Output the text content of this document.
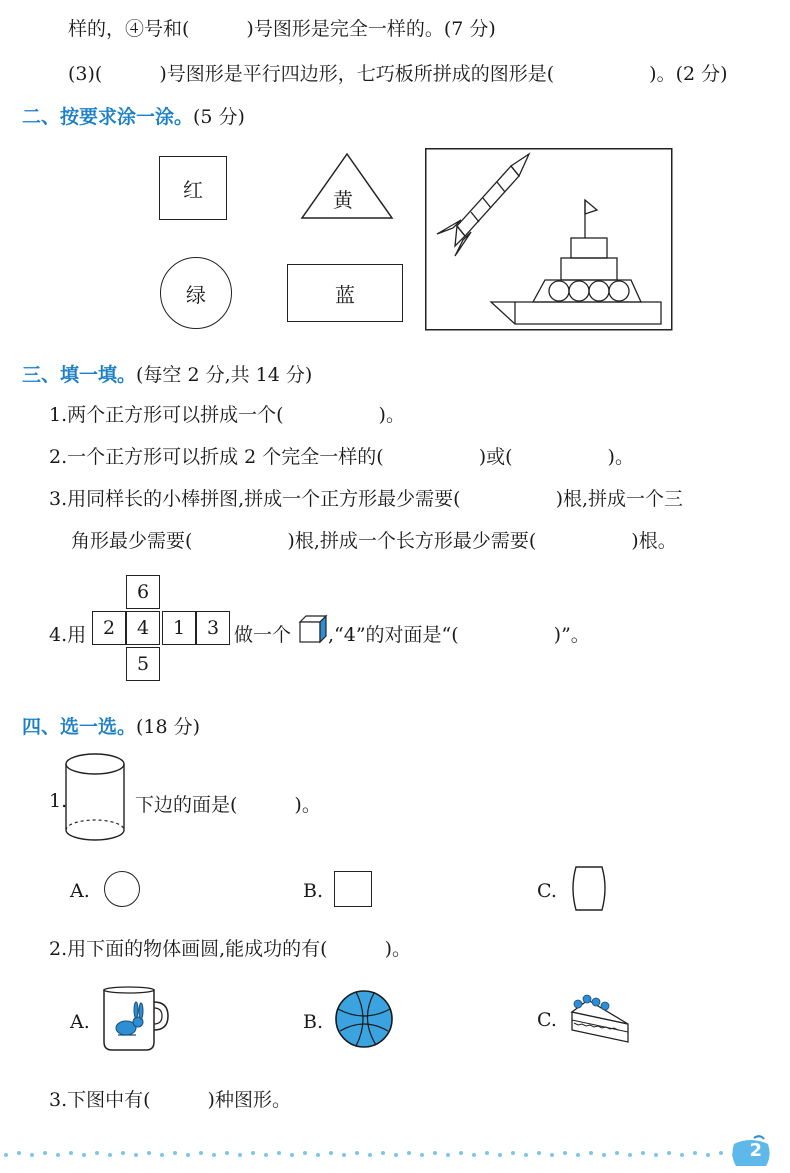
样的，④号和(　　　)号图形是完全一样的。(7 分)
(3)(　　　)号图形是平行四边形，七巧板所拼成的图形是(　　　　　)。(2 分)
二、按要求涂一涂。(5 分)
红	黄
绿	蓝
三、填一填。(每空 2 分,共 14 分)
1.两个正方形可以拼成一个(　　　　　)。
2.一个正方形可以折成 2 个完全一样的(　　　　　)或(　　　　　)。
3.用同样长的小棒拼图,拼成一个正方形最少需要(　　　　　)根,拼成一个三
角形最少需要(　　　　　)根,拼成一个长方形最少需要(　　　　　)根。
4.用
6
2	4	1	3
5
做一个 ,“4”的对面是“(　　　　　)”。
四、选一选。(18 分)
1.	下边的面是(　　　)。
A.	B.	C.
2.用下面的物体画圆,能成功的有(　　　)。
A.	B.	C.
3.下图中有(　　　)种图形。
2
